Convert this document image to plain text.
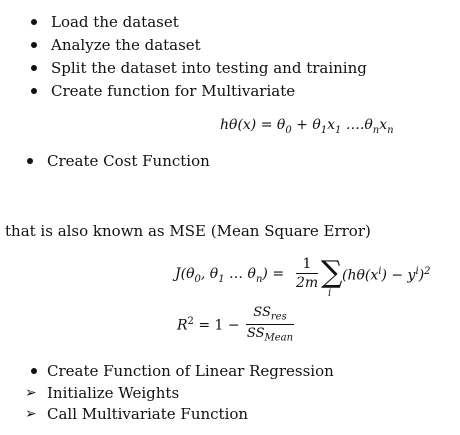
Load the dataset
Analyze the dataset
Split the dataset into testing and training
Create function for Multivariate
$h\theta(x) = \theta_0 + \theta_1x_1$ $\dots.\theta_nx_n$
Create Cost Function
that is also known as MSE (Mean Square Error)
$J(\theta_0$, $\theta_1$ … $\theta_n$) =
1
2m ∑
i
$(h\theta(x^i) - y^i)^2$
$R^2 = 1$ −
$SS_{res}$
$SS_{Mean}$
Create Function of Linear Regression
➢ Initialize Weights
➢ Call Multivariate Function
